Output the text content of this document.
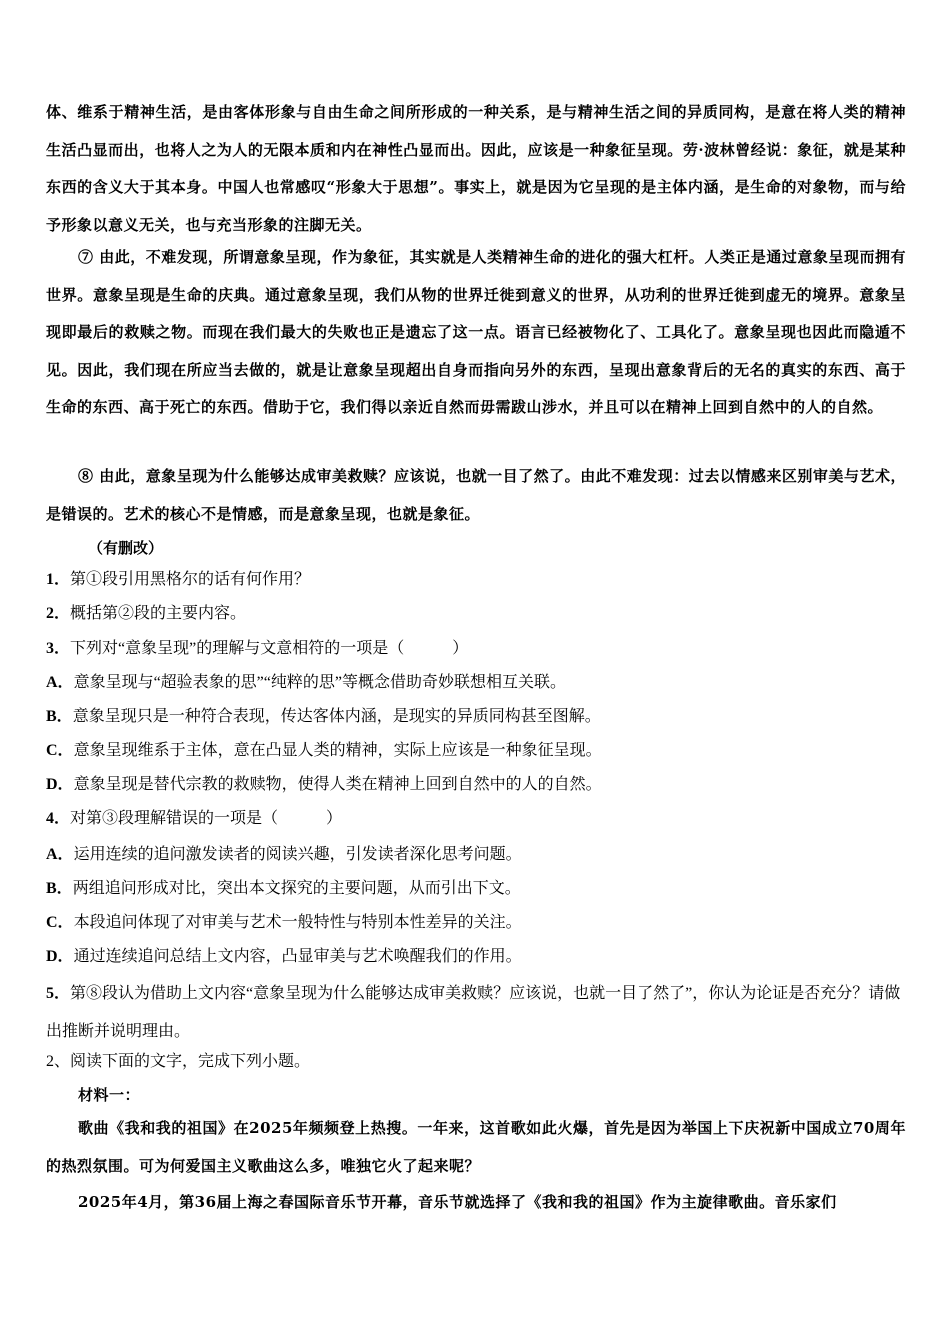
体、维系于精神生活，是由客体形象与自由生命之间所形成的一种关系，是与精神生活之间的异质同构，是意在将人类的精神生活凸显而出，也将人之为人的无限本质和内在神性凸显而出。因此，应该是一种象征呈现。劳·波林曾经说：象征，就是某种东西的含义大于其本身。中国人也常感叹“形象大于思想”。事实上，就是因为它呈现的是主体内涵，是生命的对象物，而与给予形象以意义无关，也与充当形象的注脚无关。

⑦ 由此，不难发现，所谓意象呈现，作为象征，其实就是人类精神生命的进化的强大杠杆。人类正是通过意象呈现而拥有世界。意象呈现是生命的庆典。通过意象呈现，我们从物的世界迁徙到意义的世界，从功利的世界迁徙到虚无的境界。意象呈现即最后的救赎之物。而现在我们最大的失败也正是遗忘了这一点。语言已经被物化了、工具化了。意象呈现也因此而隐遁不见。因此，我们现在所应当去做的，就是让意象呈现超出自身而指向另外的东西，呈现出意象背后的无名的真实的东西、高于生命的东西、高于死亡的东西。借助于它，我们得以亲近自然而毋需跋山涉水，并且可以在精神上回到自然中的人的自然。

⑧ 由此，意象呈现为什么能够达成审美救赎？应该说，也就一目了然了。由此不难发现：过去以情感来区别审美与艺术，是错误的。艺术的核心不是情感，而是意象呈现，也就是象征。

（有删改）

1．第①段引用黑格尔的话有何作用？

2．概括第②段的主要内容。

3．下列对“意象呈现”的理解与文意相符的一项是（　　　）

A．意象呈现与“超验表象的思”“纯粹的思”等概念借助奇妙联想相互关联。

B．意象呈现只是一种符合表现，传达客体内涵，是现实的异质同构甚至图解。

C．意象呈现维系于主体，意在凸显人类的精神，实际上应该是一种象征呈现。

D．意象呈现是替代宗教的救赎物，使得人类在精神上回到自然中的人的自然。

4．对第③段理解错误的一项是（　　　）

A．运用连续的追问激发读者的阅读兴趣，引发读者深化思考问题。

B．两组追问形成对比，突出本文探究的主要问题，从而引出下文。

C．本段追问体现了对审美与艺术一般特性与特别本性差异的关注。

D．通过连续追问总结上文内容，凸显审美与艺术唤醒我们的作用。

5．第⑧段认为借助上文内容“意象呈现为什么能够达成审美救赎？应该说，也就一目了然了”，你认为论证是否充分？请做出推断并说明理由。

2、阅读下面的文字，完成下列小题。

材料一：

歌曲《我和我的祖国》在2025年频频登上热搜。一年来，这首歌如此火爆，首先是因为举国上下庆祝新中国成立70周年的热烈氛围。可为何爱国主义歌曲这么多，唯独它火了起来呢？

2025年4月，第36届上海之春国际音乐节开幕，音乐节就选择了《我和我的祖国》作为主旋律歌曲。音乐家们
